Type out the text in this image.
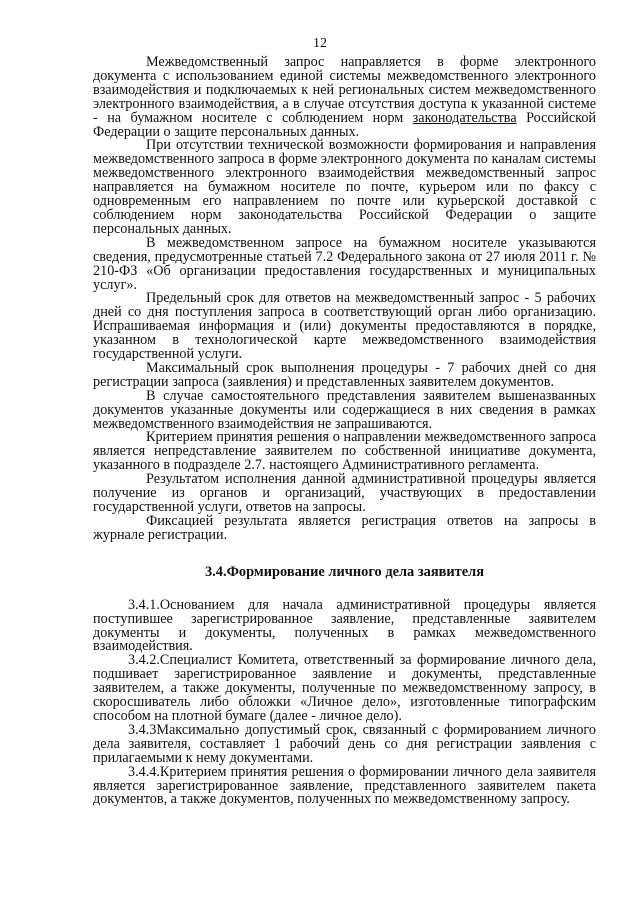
12

Межведомственный запрос направляется в форме электронного документа с использованием единой системы межведомственного электронного взаимодействия и подключаемых к ней региональных систем межведомственного электронного взаимодействия, а в случае отсутствия доступа к указанной системе - на бумажном носителе с соблюдением норм законодательства Российской Федерации о защите персональных данных.

При отсутствии технической возможности формирования и направления межведомственного запроса в форме электронного документа по каналам системы межведомственного электронного взаимодействия межведомственный запрос направляется на бумажном носителе по почте, курьером или по факсу с одновременным его направлением по почте или курьерской доставкой с соблюдением норм законодательства Российской Федерации о защите персональных данных.

В межведомственном запросе на бумажном носителе указываются сведения, предусмотренные статьей 7.2 Федерального закона от 27 июля 2011 г. № 210-ФЗ «Об организации предоставления государственных и муниципальных услуг».

Предельный срок для ответов на межведомственный запрос - 5 рабочих дней со дня поступления запроса в соответствующий орган либо организацию. Испрашиваемая информация и (или) документы предоставляются в порядке, указанном в технологической карте межведомственного взаимодействия государственной услуги.

Максимальный срок выполнения процедуры - 7 рабочих дней со дня регистрации запроса (заявления) и представленных заявителем документов.

В случае самостоятельного представления заявителем вышеназванных документов указанные документы или содержащиеся в них сведения в рамках межведомственного взаимодействия не запрашиваются.

Критерием принятия решения о направлении межведомственного запроса является непредставление заявителем по собственной инициативе документа, указанного в подразделе 2.7. настоящего Административного регламента.

Результатом исполнения данной административной процедуры является получение из органов и организаций, участвующих в предоставлении государственной услуги, ответов на запросы.

Фиксацией результата является регистрация ответов на запросы в журнале регистрации.

3.4.Формирование личного дела заявителя

3.4.1.Основанием для начала административной процедуры является поступившее зарегистрированное заявление, представленные заявителем документы и документы, полученных в рамках межведомственного взаимодействия.

3.4.2.Специалист Комитета, ответственный за формирование личного дела, подшивает зарегистрированное заявление и документы, представленные заявителем, а также документы, полученные по межведомственному запросу, в скоросшиватель либо обложки «Личное дело», изготовленные типографским способом на плотной бумаге (далее - личное дело).

3.4.3Максимально допустимый срок, связанный с формированием личного дела заявителя, составляет 1 рабочий день со дня регистрации заявления с прилагаемыми к нему документами.

3.4.4.Критерием принятия решения о формировании личного дела заявителя является зарегистрированное заявление, представленного заявителем пакета документов, а также документов, полученных по межведомственному запросу.
